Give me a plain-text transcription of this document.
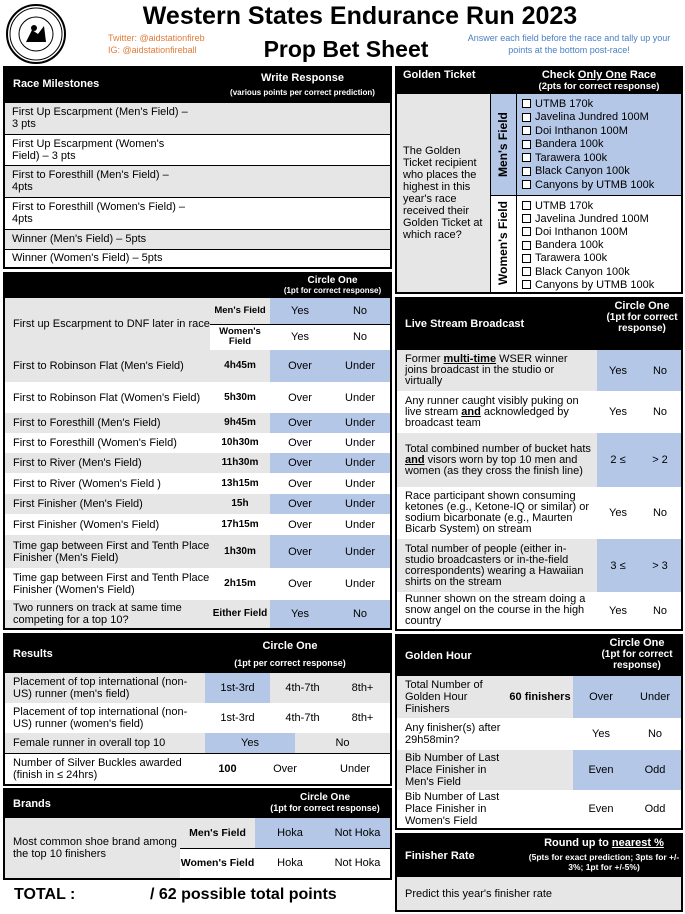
Western States Endurance Run 2023
Twitter: @aidstationfireb
IG: @aidstationfireball	Prop Bet Sheet	Answer each field before the race and tally up your points at the bottom post-race!
Race Milestones	Write Response
(various points per correct prediction)
First Up Escarpment (Men's Field) – 3 pts
First Up Escarpment (Women's Field) – 3 pts
First to Foresthill (Men's Field) – 4pts
First to Foresthill (Women's Field) – 4pts
Winner (Men's Field) – 5pts
Winner (Women's Field) – 5pts
Circle One
(1pt for correct response)
First up Escarpment to DNF later in race
Men's Field	Yes	No
Women's Field	Yes	No
First to Robinson Flat (Men's Field)	4h45m	Over	Under
First to Robinson Flat (Women's Field)	5h30m	Over	Under
First to Foresthill (Men's Field)	9h45m	Over	Under
First to Foresthill (Women's Field)	10h30m	Over	Under
First to River (Men's Field)	11h30m	Over	Under
First to River (Women's Field )	13h15m	Over	Under
First Finisher (Men's Field)	15h	Over	Under
First Finisher (Women's Field)	17h15m	Over	Under
Time gap between First and Tenth Place Finisher (Men's Field)
1h30m	Over	Under
Time gap between First and Tenth Place Finisher (Women's Field)
2h15m	Over	Under
Two runners on track at same time competing for a top 10?
Either Field	Yes	No
Results
Circle One
(1pt per correct response)
Placement of top international (non-US) runner (men's field)	1st-3rd	4th-7th	8th+
Placement of top international (non-US) runner (women's field)	1st-3rd	4th-7th	8th+
Female runner in overall top 10	Yes	No
Number of Silver Buckles awarded (finish in ≤ 24hrs)	100	Over	Under
Brands
Circle One
(1pt for correct response)
Most common shoe brand among the top 10 finishers
Men's Field	Hoka	Not Hoka
Women's Field	Hoka	Not Hoka
TOTAL :	/ 62 possible total points
Golden Ticket	Check Only One Race
(2pts for correct response)
The Golden Ticket recipient who places the highest in this year's race received their Golden Ticket at which race?
Men's Field
Women's Field
UTMB 170k
Javelina Jundred 100M
Doi Inthanon 100M
Bandera 100k
Tarawera 100k
Black Canyon 100k
Canyons by UTMB 100k
UTMB 170k
Javelina Jundred 100M
Doi Inthanon 100M
Bandera 100k
Tarawera 100k
Black Canyon 100k
Canyons by UTMB 100k
Live Stream Broadcast
Circle One
(1pt for correct response)
Former multi-time WSER winner joins broadcast in the studio or virtually
Yes	No
Any runner caught visibly puking on live stream and acknowledged by broadcast team
Yes	No
Total combined number of bucket hats and visors worn by top 10 men and women (as they cross the finish line)
2 ≤	> 2
Race participant shown consuming ketones (e.g., Ketone-IQ or similar) or sodium bicarbonate (e.g., Maurten Bicarb System) on stream
Yes	No
Total number of people (either in-studio broadcasters or in-the-field correspondents) wearing a Hawaiian shirts on the stream
3 ≤	> 3
Runner shown on the stream doing a snow angel on the course in the high country
Yes	No
Golden Hour
Circle One
(1pt for correct response)
Total Number of Golden Hour Finishers
60 finishers	Over	Under
Any finisher(s) after 29h58min?	Yes	No
Bib Number of Last Place Finisher in Men's Field
Even	Odd
Bib Number of Last Place Finisher in Women's Field
Even	Odd
Finisher Rate
Round up to nearest %
(5pts for exact prediction; 3pts for +/- 3%; 1pt for +/-5%)
Predict this year's finisher rate
